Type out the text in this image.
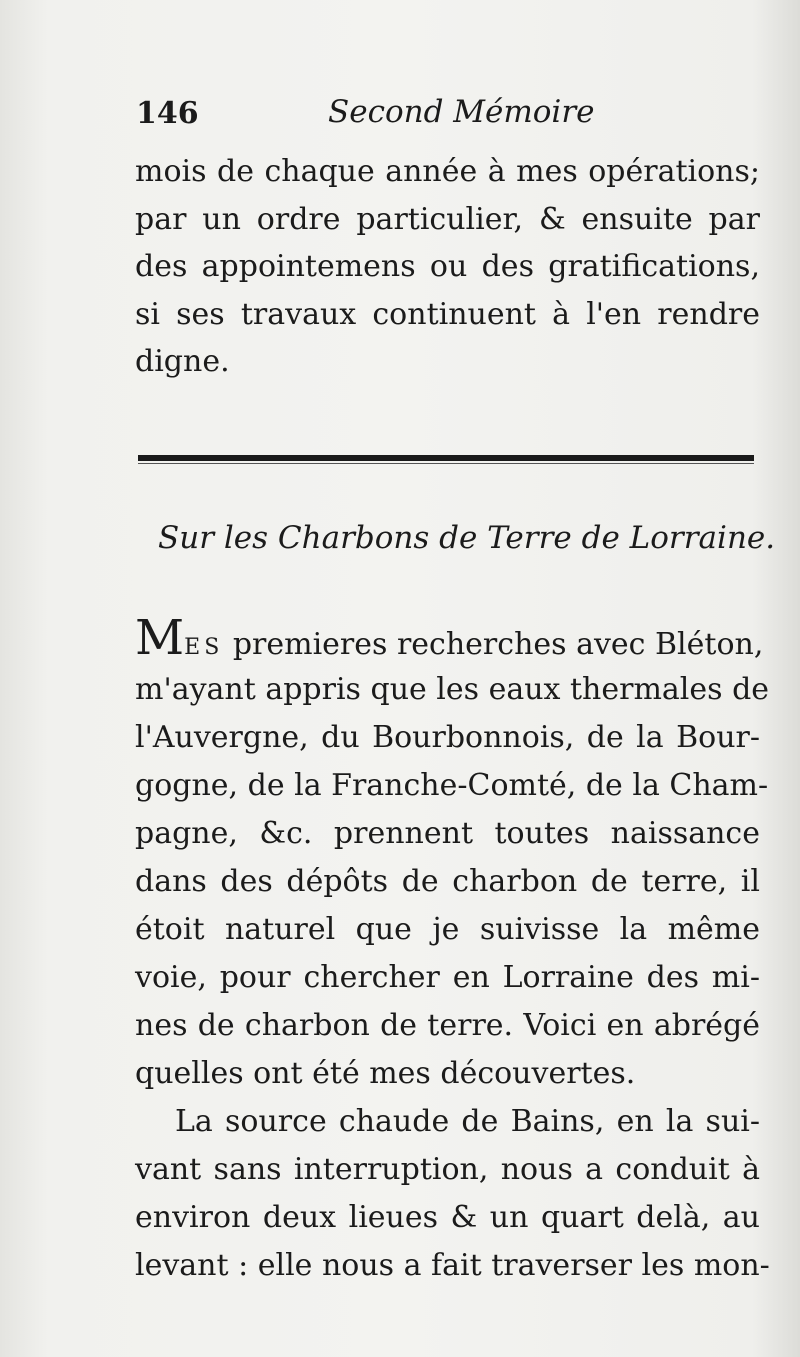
146	Second Mémoire
mois de chaque année à mes opérations;
par un ordre particulier, & ensuite par
des appointemens ou des gratifications,
si ses travaux continuent à l'en rendre
digne.
Sur les Charbons de Terre de Lorraine.
MES premieres recherches avec Bléton,
m'ayant appris que les eaux thermales de
l'Auvergne, du Bourbonnois, de la Bour-
gogne, de la Franche-Comté, de la Cham-
pagne, &c. prennent toutes naissance
dans des dépôts de charbon de terre, il
étoit naturel que je suivisse la même
voie, pour chercher en Lorraine des mi-
nes de charbon de terre. Voici en abrégé
quelles ont été mes découvertes.
La source chaude de Bains, en la sui-
vant sans interruption, nous a conduit à
environ deux lieues & un quart delà, au
levant : elle nous a fait traverser les mon-
